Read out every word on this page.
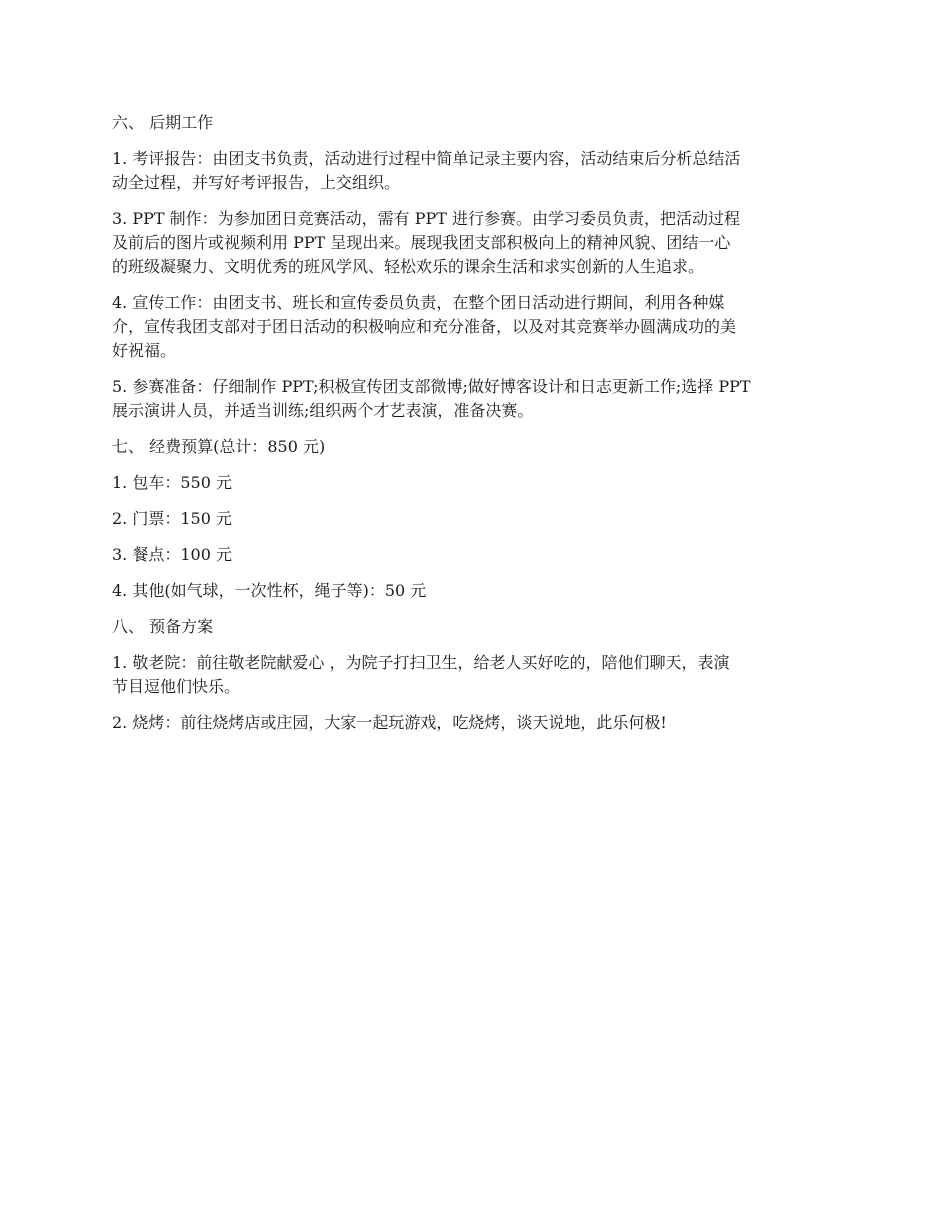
六、 后期工作

1. 考评报告：由团支书负责，活动进行过程中简单记录主要内容，活动结束后分析总结活
动全过程，并写好考评报告，上交组织。

3. PPT 制作：为参加团日竞赛活动，需有 PPT 进行参赛。由学习委员负责，把活动过程
及前后的图片或视频利用 PPT 呈现出来。展现我团支部积极向上的精神风貌、团结一心
的班级凝聚力、文明优秀的班风学风、轻松欢乐的课余生活和求实创新的人生追求。

4. 宣传工作：由团支书、班长和宣传委员负责，在整个团日活动进行期间，利用各种媒
介，宣传我团支部对于团日活动的积极响应和充分准备，以及对其竞赛举办圆满成功的美
好祝福。

5. 参赛准备：仔细制作 PPT;积极宣传团支部微博;做好博客设计和日志更新工作;选择 PPT
展示演讲人员，并适当训练;组织两个才艺表演，准备决赛。

七、 经费预算(总计：850 元)

1. 包车：550 元

2. 门票：150 元

3. 餐点：100 元

4. 其他(如气球，一次性杯，绳子等)：50 元

八、 预备方案

1. 敬老院：前往敬老院献爱心 ，为院子打扫卫生，给老人买好吃的，陪他们聊天，表演
节目逗他们快乐。

2. 烧烤：前往烧烤店或庄园，大家一起玩游戏，吃烧烤，谈天说地，此乐何极!
